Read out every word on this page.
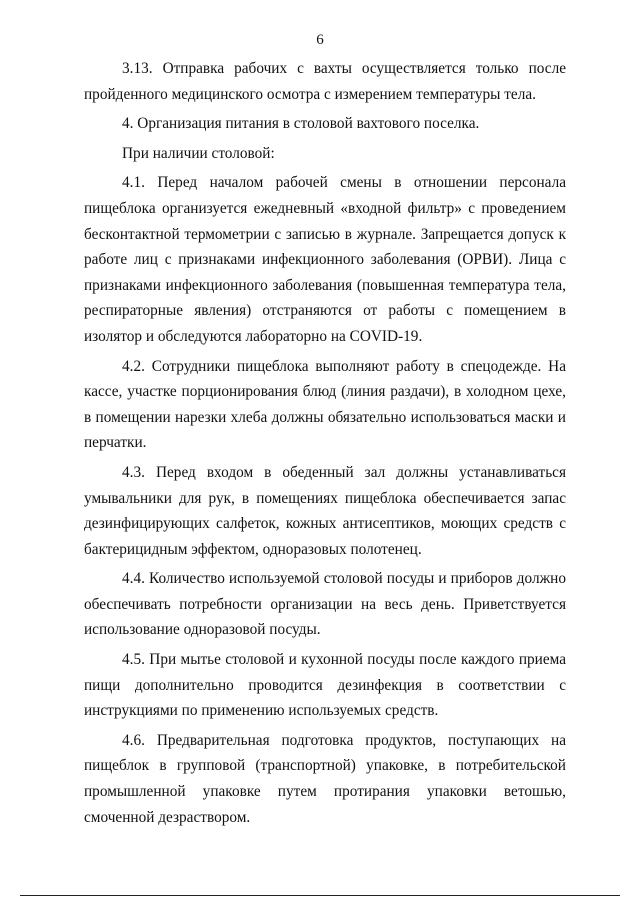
6

3.13. Отправка рабочих с вахты осуществляется только после пройденного медицинского осмотра с измерением температуры тела.

4. Организация питания в столовой вахтового поселка.

При наличии столовой:

4.1. Перед началом рабочей смены в отношении персонала пищеблока организуется ежедневный «входной фильтр» с проведением бесконтактной термометрии с записью в журнале. Запрещается допуск к работе лиц с признаками инфекционного заболевания (ОРВИ). Лица с признаками инфекционного заболевания (повышенная температура тела, респираторные явления) отстраняются от работы с помещением в изолятор и обследуются лабораторно на COVID-19.

4.2. Сотрудники пищеблока выполняют работу в спецодежде. На кассе, участке порционирования блюд (линия раздачи), в холодном цехе, в помещении нарезки хлеба должны обязательно использоваться маски и перчатки.

4.3. Перед входом в обеденный зал должны устанавливаться умывальники для рук, в помещениях пищеблока обеспечивается запас дезинфицирующих салфеток, кожных антисептиков, моющих средств с бактерицидным эффектом, одноразовых полотенец.

4.4. Количество используемой столовой посуды и приборов должно обеспечивать потребности организации на весь день. Приветствуется использование одноразовой посуды.

4.5. При мытье столовой и кухонной посуды после каждого приема пищи дополнительно проводится дезинфекция в соответствии с инструкциями по применению используемых средств.

4.6. Предварительная подготовка продуктов, поступающих на пищеблок в групповой (транспортной) упаковке, в потребительской промышленной упаковке путем протирания упаковки ветошью, смоченной дезраствором.
